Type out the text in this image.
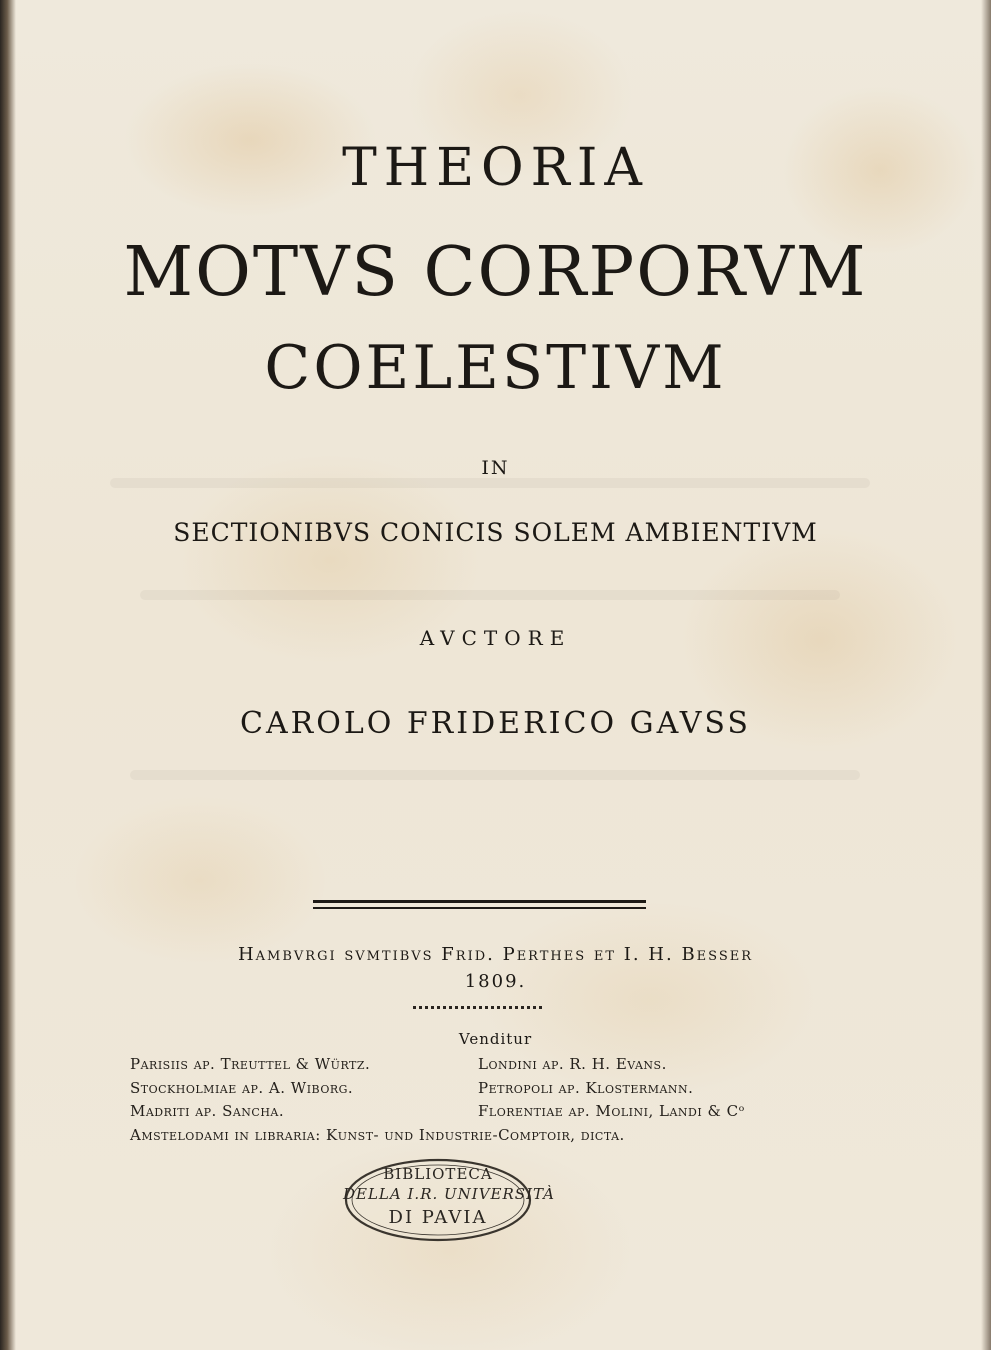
THEORIA
MOTVS CORPORVM
COELESTIVM
IN
SECTIONIBVS CONICIS SOLEM AMBIENTIVM
AVCTORE
CAROLO FRIDERICO GAVSS
Hambvrgi svmtibvs Frid. Perthes et I. H. Besser
1809.
Venditur
Parisiis ap. Treuttel & Würtz.	Londini ap. R. H. Evans.
Stockholmiae ap. A. Wiborg.	Petropoli ap. Klostermann.
Madriti ap. Sancha.	Florentiae ap. Molini, Landi & Cᵒ
Amstelodami in libraria: Kunst- und Industrie-Comptoir, dicta.
BIBLIOTECA
DELLA I.R. UNIVERSITÀ
DI PAVIA
